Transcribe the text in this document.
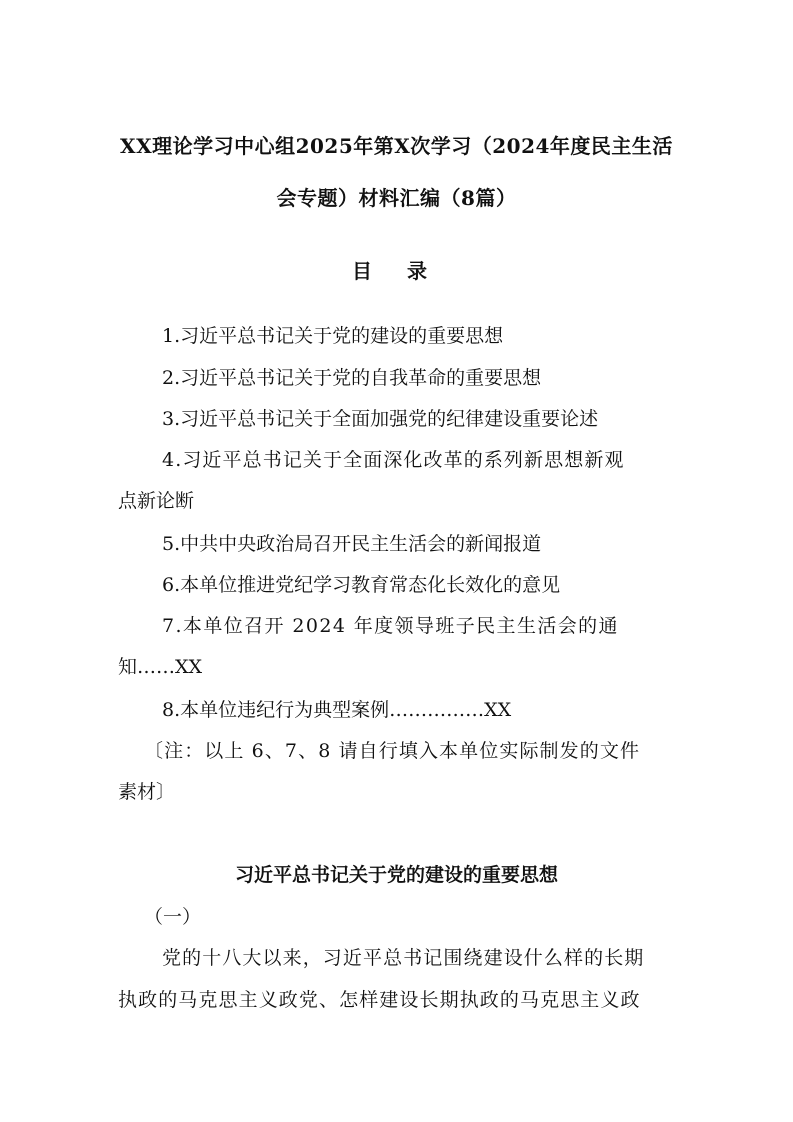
XX理论学习中心组2025年第X次学习（2024年度民主生活
会专题）材料汇编（8篇）
目 录
1.习近平总书记关于党的建设的重要思想
2.习近平总书记关于党的自我革命的重要思想
3.习近平总书记关于全面加强党的纪律建设重要论述
4.习近平总书记关于全面深化改革的系列新思想新观
点新论断
5.中共中央政治局召开民主生活会的新闻报道
6.本单位推进党纪学习教育常态化长效化的意见
7.本单位召开 2024 年度领导班子民主生活会的通
知……XX
8.本单位违纪行为典型案例……………XX
〔注：以上 6、7、8 请自行填入本单位实际制发的文件
素材〕
习近平总书记关于党的建设的重要思想
（一）
党的十八大以来，习近平总书记围绕建设什么样的长期
执政的马克思主义政党、怎样建设长期执政的马克思主义政
